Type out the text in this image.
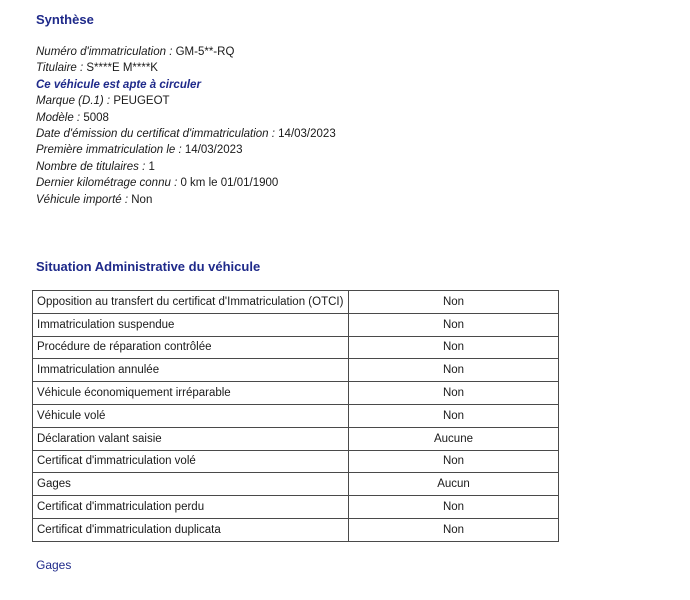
Synthèse
Numéro d'immatriculation : GM-5**-RQ
Titulaire : S****E M****K
Ce véhicule est apte à circuler
Marque (D.1) : PEUGEOT
Modèle : 5008
Date d'émission du certificat d'immatriculation : 14/03/2023
Première immatriculation le : 14/03/2023
Nombre de titulaires : 1
Dernier kilométrage connu : 0 km le 01/01/1900
Véhicule importé : Non
Situation Administrative du véhicule
Opposition au transfert du certificat d'Immatriculation (OTCI)	Non
Immatriculation suspendue	Non
Procédure de réparation contrôlée	Non
Immatriculation annulée	Non
Véhicule économiquement irréparable	Non
Véhicule volé	Non
Déclaration valant saisie	Aucune
Certificat d'immatriculation volé	Non
Gages	Aucun
Certificat d'immatriculation perdu	Non
Certificat d'immatriculation duplicata	Non
Gages
